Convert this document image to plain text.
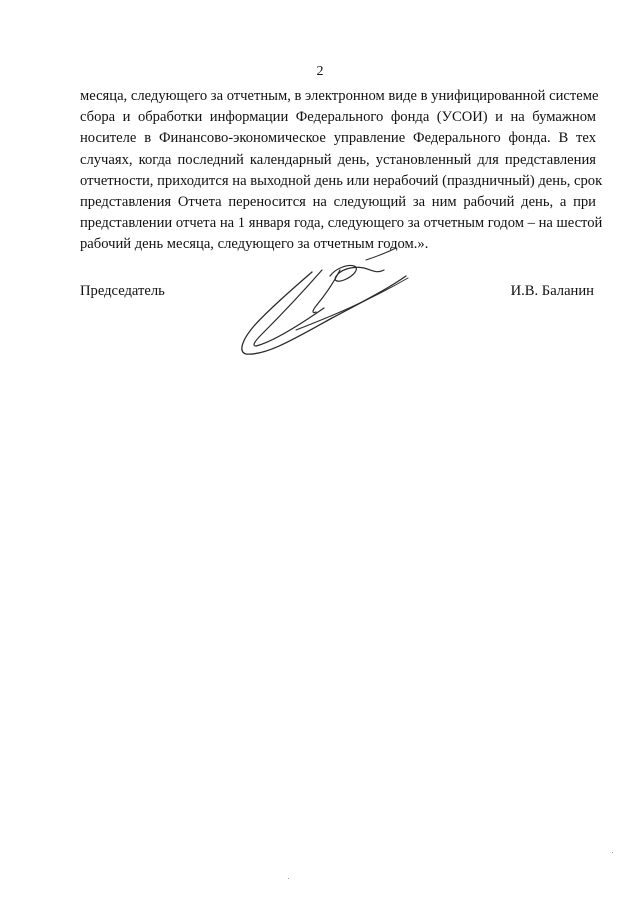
2
месяца, следующего за отчетным, в электронном виде в унифицированной системе
сбора и обработки информации Федерального фонда (УСОИ) и на бумажном
носителе в Финансово-экономическое управление Федерального фонда. В тех
случаях, когда последний календарный день, установленный для представления
отчетности, приходится на выходной день или нерабочий (праздничный) день, срок
представления Отчета переносится на следующий за ним рабочий день, а при
представлении отчета на 1 января года, следующего за отчетным годом – на шестой
рабочий день месяца, следующего за отчетным годом.».
Председатель	И.В. Баланин
